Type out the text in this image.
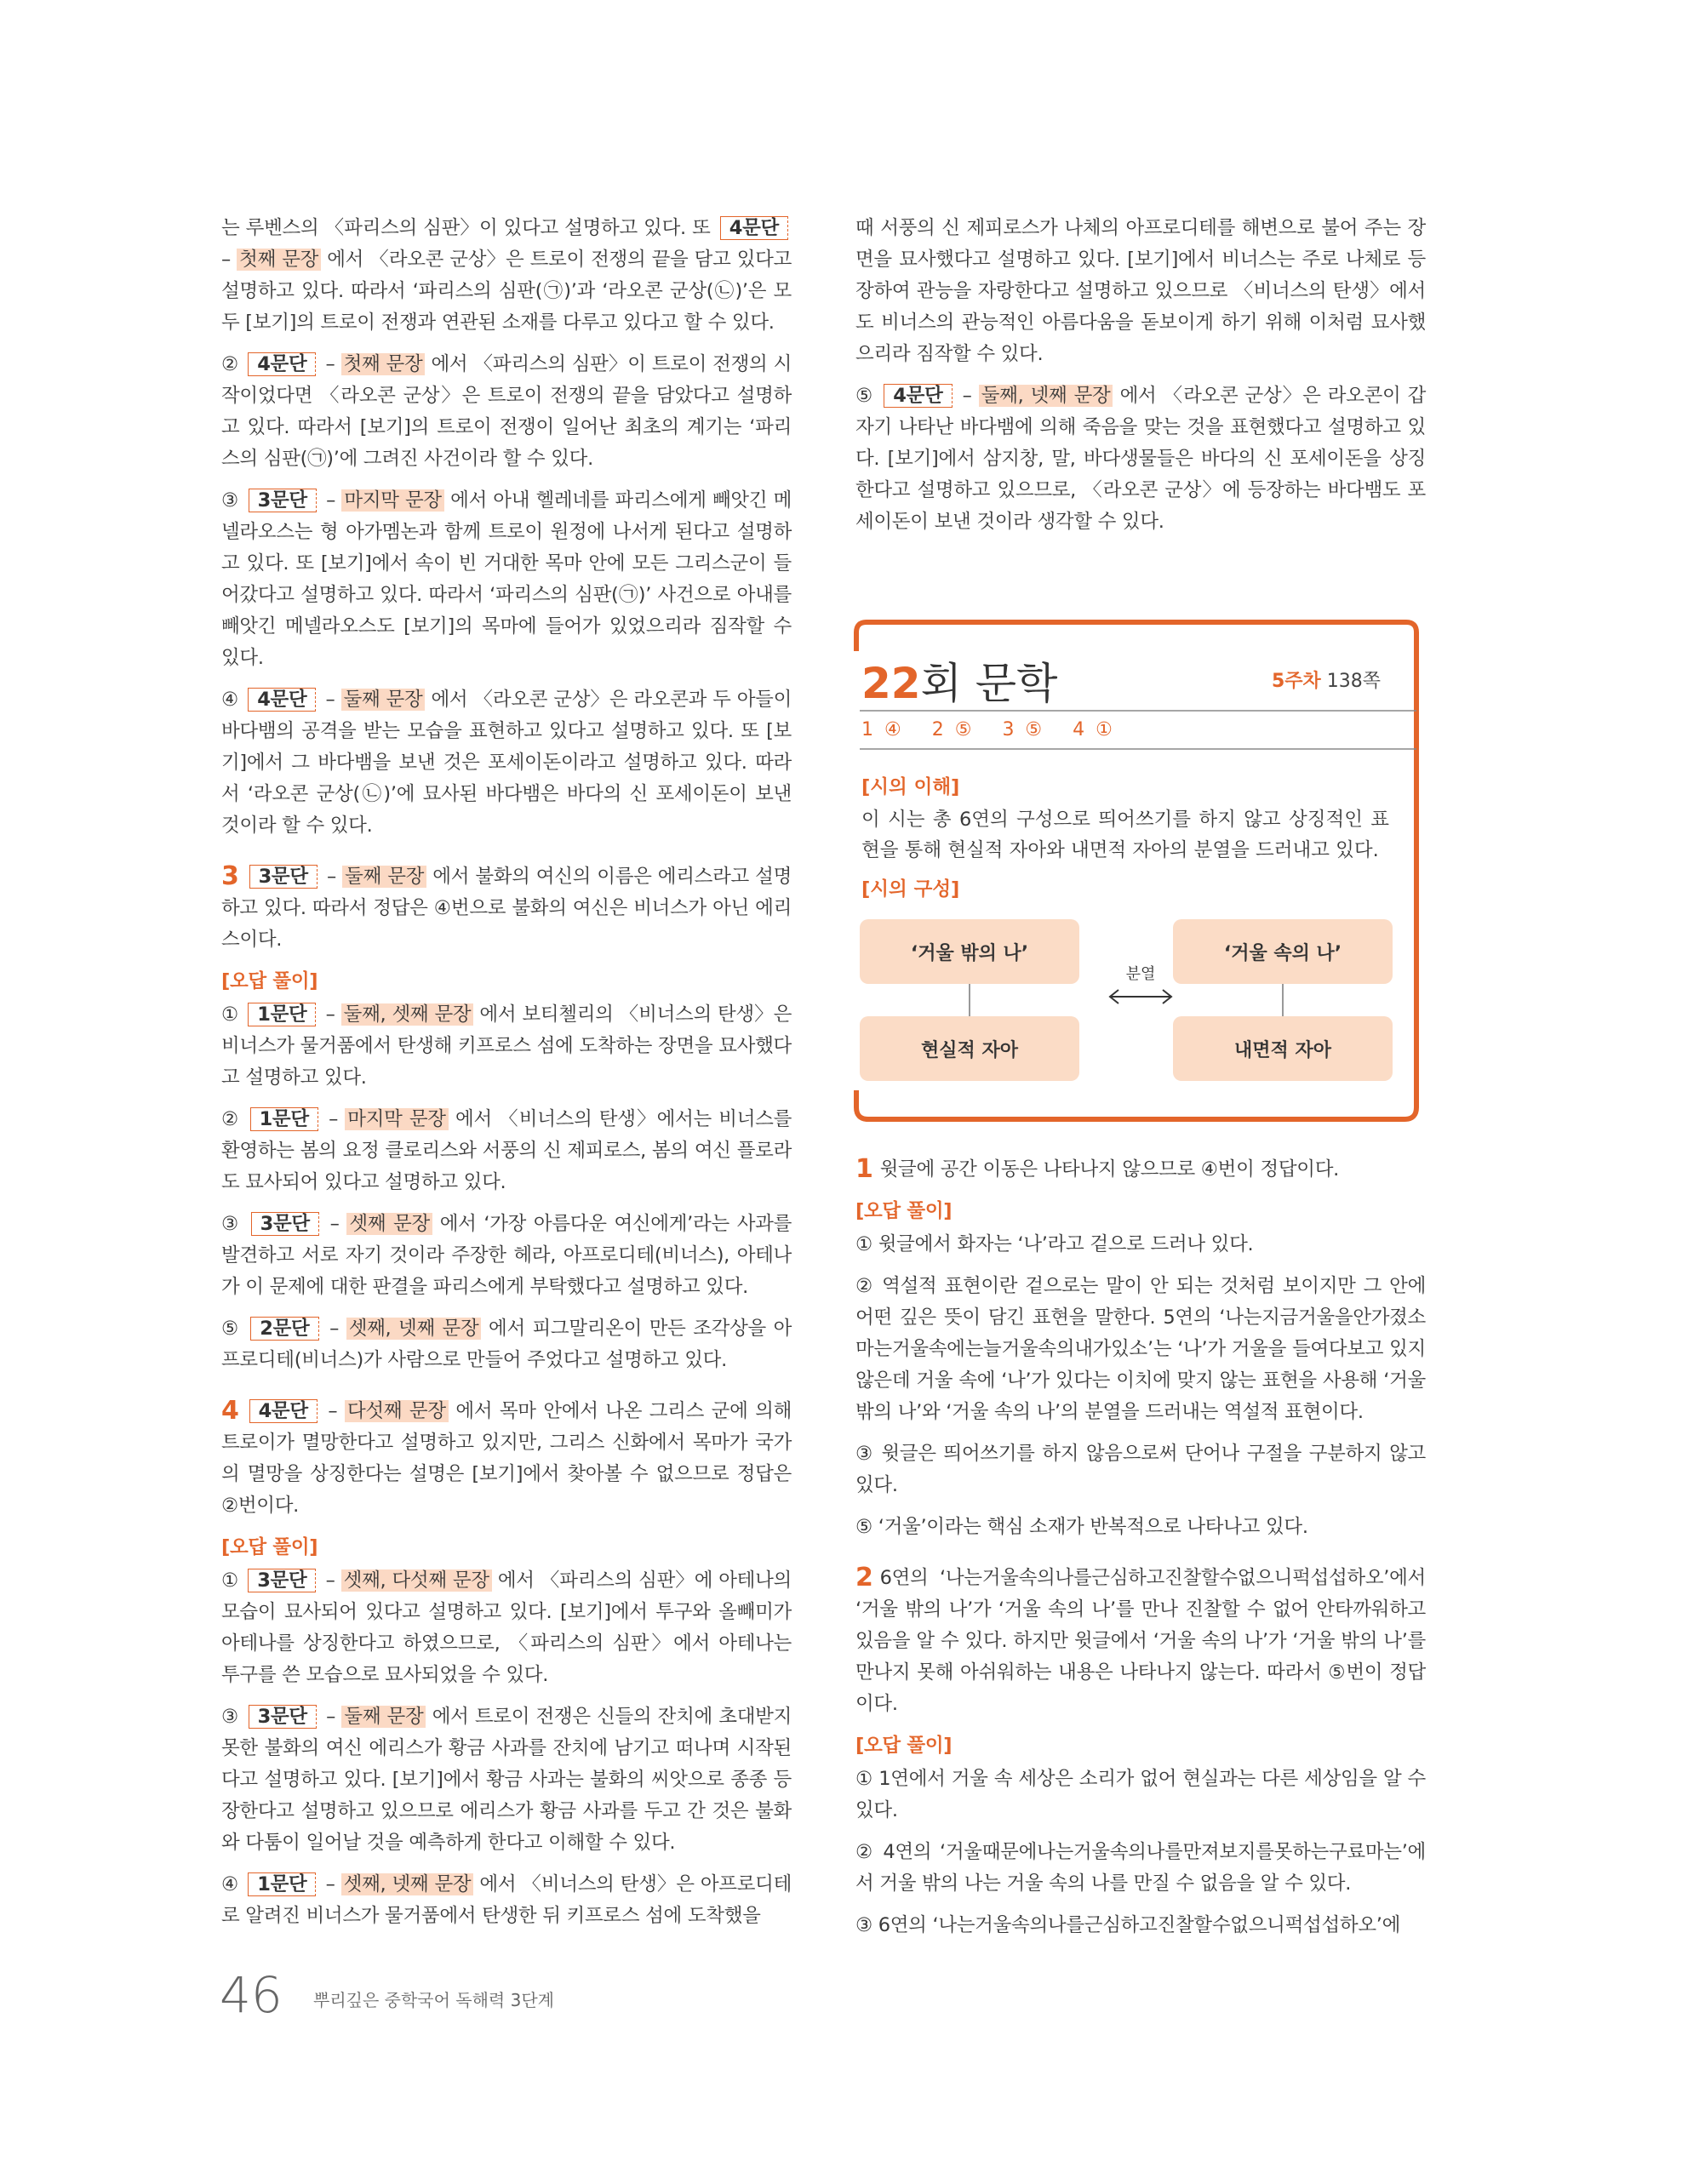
는 루벤스의 〈파리스의 심판〉이 있다고 설명하고 있다. 또 4문단 – 첫째 문장 에서 〈라오콘 군상〉은 트로이 전쟁의 끝을 담고 있다고 설명하고 있다. 따라서 ‘파리스의 심판(㉠)’과 ‘라오콘 군상(㉡)’은 모두 [보기]의 트로이 전쟁과 연관된 소재를 다루고 있다고 할 수 있다.
② 4문단 – 첫째 문장 에서 〈파리스의 심판〉이 트로이 전쟁의 시작이었다면 〈라오콘 군상〉은 트로이 전쟁의 끝을 담았다고 설명하고 있다. 따라서 [보기]의 트로이 전쟁이 일어난 최초의 계기는 ‘파리스의 심판(㉠)’에 그려진 사건이라 할 수 있다.
③ 3문단 – 마지막 문장 에서 아내 헬레네를 파리스에게 빼앗긴 메넬라오스는 형 아가멤논과 함께 트로이 원정에 나서게 된다고 설명하고 있다. 또 [보기]에서 속이 빈 거대한 목마 안에 모든 그리스군이 들어갔다고 설명하고 있다. 따라서 ‘파리스의 심판(㉠)’ 사건으로 아내를 빼앗긴 메넬라오스도 [보기]의 목마에 들어가 있었으리라 짐작할 수 있다.
④ 4문단 – 둘째 문장 에서 〈라오콘 군상〉은 라오콘과 두 아들이 바다뱀의 공격을 받는 모습을 표현하고 있다고 설명하고 있다. 또 [보기]에서 그 바다뱀을 보낸 것은 포세이돈이라고 설명하고 있다. 따라서 ‘라오콘 군상(㉡)’에 묘사된 바다뱀은 바다의 신 포세이돈이 보낸 것이라 할 수 있다.
3 3문단 – 둘째 문장 에서 불화의 여신의 이름은 에리스라고 설명하고 있다. 따라서 정답은 ④번으로 불화의 여신은 비너스가 아닌 에리스이다.
[오답 풀이]
① 1문단 – 둘째, 셋째 문장 에서 보티첼리의 〈비너스의 탄생〉은 비너스가 물거품에서 탄생해 키프로스 섬에 도착하는 장면을 묘사했다고 설명하고 있다.
② 1문단 – 마지막 문장 에서 〈비너스의 탄생〉에서는 비너스를 환영하는 봄의 요정 클로리스와 서풍의 신 제피로스, 봄의 여신 플로라도 묘사되어 있다고 설명하고 있다.
③ 3문단 – 셋째 문장 에서 ‘가장 아름다운 여신에게’라는 사과를 발견하고 서로 자기 것이라 주장한 헤라, 아프로디테(비너스), 아테나가 이 문제에 대한 판결을 파리스에게 부탁했다고 설명하고 있다.
⑤ 2문단 – 셋째, 넷째 문장 에서 피그말리온이 만든 조각상을 아프로디테(비너스)가 사람으로 만들어 주었다고 설명하고 있다.
4 4문단 – 다섯째 문장 에서 목마 안에서 나온 그리스 군에 의해 트로이가 멸망한다고 설명하고 있지만, 그리스 신화에서 목마가 국가의 멸망을 상징한다는 설명은 [보기]에서 찾아볼 수 없으므로 정답은 ②번이다.
[오답 풀이]
① 3문단 – 셋째, 다섯째 문장 에서 〈파리스의 심판〉에 아테나의 모습이 묘사되어 있다고 설명하고 있다. [보기]에서 투구와 올빼미가 아테나를 상징한다고 하였으므로, 〈파리스의 심판〉에서 아테나는 투구를 쓴 모습으로 묘사되었을 수 있다.
③ 3문단 – 둘째 문장 에서 트로이 전쟁은 신들의 잔치에 초대받지 못한 불화의 여신 에리스가 황금 사과를 잔치에 남기고 떠나며 시작된다고 설명하고 있다. [보기]에서 황금 사과는 불화의 씨앗으로 종종 등장한다고 설명하고 있으므로 에리스가 황금 사과를 두고 간 것은 불화와 다툼이 일어날 것을 예측하게 한다고 이해할 수 있다.
④ 1문단 – 셋째, 넷째 문장 에서 〈비너스의 탄생〉은 아프로디테로 알려진 비너스가 물거품에서 탄생한 뒤 키프로스 섬에 도착했을
때 서풍의 신 제피로스가 나체의 아프로디테를 해변으로 불어 주는 장면을 묘사했다고 설명하고 있다. [보기]에서 비너스는 주로 나체로 등장하여 관능을 자랑한다고 설명하고 있으므로 〈비너스의 탄생〉에서도 비너스의 관능적인 아름다움을 돋보이게 하기 위해 이처럼 묘사했으리라 짐작할 수 있다.
⑤ 4문단 – 둘째, 넷째 문장 에서 〈라오콘 군상〉은 라오콘이 갑자기 나타난 바다뱀에 의해 죽음을 맞는 것을 표현했다고 설명하고 있다. [보기]에서 삼지창, 말, 바다생물들은 바다의 신 포세이돈을 상징한다고 설명하고 있으므로, 〈라오콘 군상〉에 등장하는 바다뱀도 포세이돈이 보낸 것이라 생각할 수 있다.
22회 문학	5주차 138쪽
1 ④ 2 ⑤ 3 ⑤ 4 ①
[시의 이해]
이 시는 총 6연의 구성으로 띄어쓰기를 하지 않고 상징적인 표현을 통해 현실적 자아와 내면적 자아의 분열을 드러내고 있다.
[시의 구성]
‘거울 밖의 나’	‘거울 속의 나’
현실적 자아	내면적 자아
분열
1 윗글에 공간 이동은 나타나지 않으므로 ④번이 정답이다.
[오답 풀이]
① 윗글에서 화자는 ‘나’라고 겉으로 드러나 있다.
② 역설적 표현이란 겉으로는 말이 안 되는 것처럼 보이지만 그 안에 어떤 깊은 뜻이 담긴 표현을 말한다. 5연의 ‘나는지금거울을안가졌소마는거울속에는늘거울속의내가있소’는 ‘나’가 거울을 들여다보고 있지 않은데 거울 속에 ‘나’가 있다는 이치에 맞지 않는 표현을 사용해 ‘거울 밖의 나’와 ‘거울 속의 나’의 분열을 드러내는 역설적 표현이다.
③ 윗글은 띄어쓰기를 하지 않음으로써 단어나 구절을 구분하지 않고 있다.
⑤ ‘거울’이라는 핵심 소재가 반복적으로 나타나고 있다.
2 6연의 ‘나는거울속의나를근심하고진찰할수없으니퍽섭섭하오’에서 ‘거울 밖의 나’가 ‘거울 속의 나’를 만나 진찰할 수 없어 안타까워하고 있음을 알 수 있다. 하지만 윗글에서 ‘거울 속의 나’가 ‘거울 밖의 나’를 만나지 못해 아쉬워하는 내용은 나타나지 않는다. 따라서 ⑤번이 정답이다.
[오답 풀이]
① 1연에서 거울 속 세상은 소리가 없어 현실과는 다른 세상임을 알 수 있다.
② 4연의 ‘거울때문에나는거울속의나를만져보지를못하는구료마는’에서 거울 밖의 나는 거울 속의 나를 만질 수 없음을 알 수 있다.
③ 6연의 ‘나는거울속의나를근심하고진찰할수없으니퍽섭섭하오’에
46 뿌리깊은 중학국어 독해력 3단계
